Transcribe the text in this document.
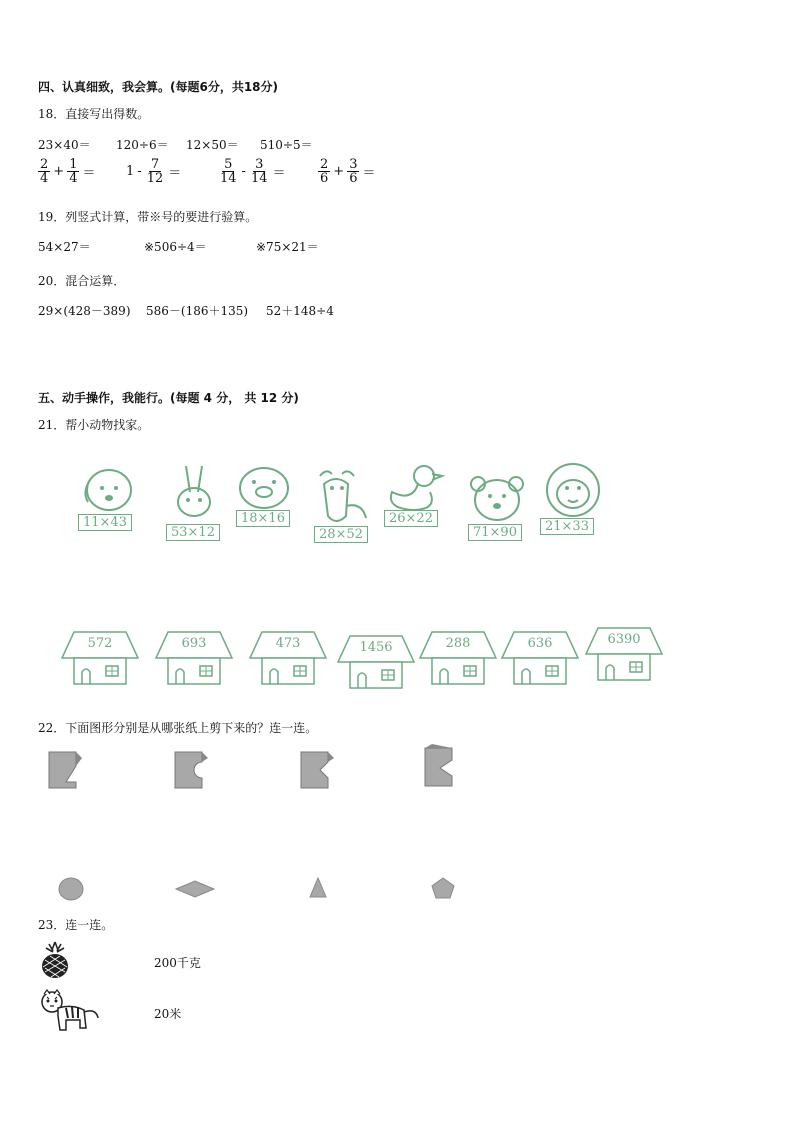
四、认真细致，我会算。(每题6分，共18分)
18．直接写出得数。
23×40＝ 120÷6＝ 12×50＝ 510÷5＝
$\frac{2}{4} + \frac{1}{4} = 1 - \frac{7}{12}$ ＝	$\frac{5}{14} - \frac{3}{14} = \frac{2}{6} + \frac{3}{6}$ ＝
19．列竖式计算，带※号的要进行验算。
54×27＝	※506÷4＝	※75×21＝
20．混合运算．
29×(428－389) 586－(186＋135) 52＋148÷4
五、动手操作，我能行。(每题 4 分， 共 12 分)
21．帮小动物找家。
11×43
53×12
18×16
28×52
26×22
71×90	21×33
572	693	473	1456	288	636	6390
22．下面图形分别是从哪张纸上剪下来的？连一连。
23．连一连。
200千克
20米
